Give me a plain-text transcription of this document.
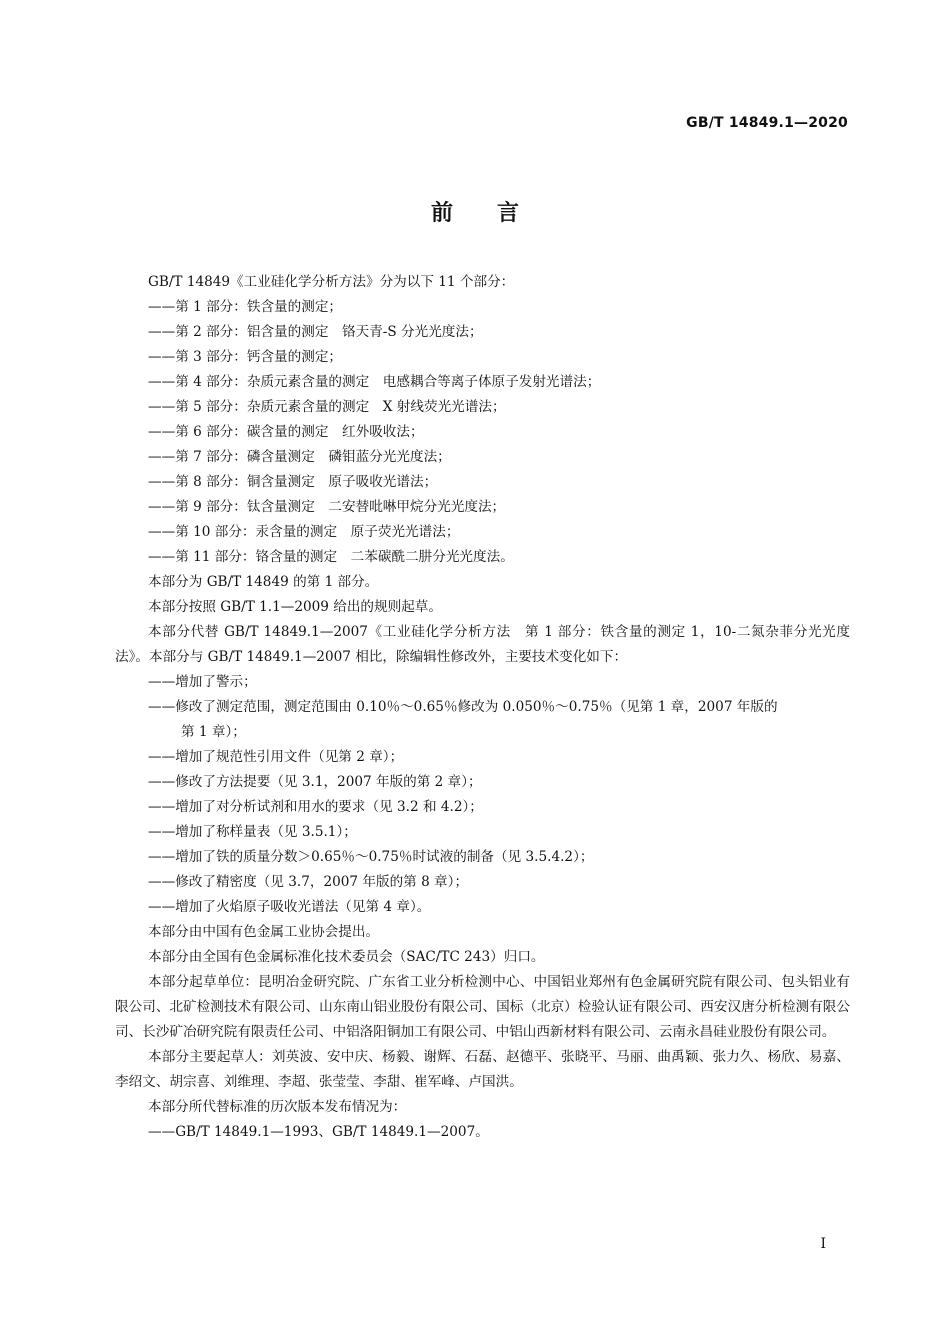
GB/T 14849.1—2020
前言

GB/T 14849《工业硅化学分析方法》分为以下 11 个部分：

——第 1 部分：铁含量的测定；

——第 2 部分：铝含量的测定　铬天青-S 分光光度法；

——第 3 部分：钙含量的测定；

——第 4 部分：杂质元素含量的测定　电感耦合等离子体原子发射光谱法；

——第 5 部分：杂质元素含量的测定　X 射线荧光光谱法；

——第 6 部分：碳含量的测定　红外吸收法；

——第 7 部分：磷含量测定　磷钼蓝分光光度法；

——第 8 部分：铜含量测定　原子吸收光谱法；

——第 9 部分：钛含量测定　二安替吡啉甲烷分光光度法；

——第 10 部分：汞含量的测定　原子荧光光谱法；

——第 11 部分：铬含量的测定　二苯碳酰二肼分光光度法。

本部分为 GB/T 14849 的第 1 部分。

本部分按照 GB/T 1.1—2009 给出的规则起草。

本部分代替 GB/T 14849.1—2007《工业硅化学分析方法　第 1 部分：铁含量的测定 1，10-二氮杂菲分光光度法》。本部分与 GB/T 14849.1—2007 相比，除编辑性修改外，主要技术变化如下：

——增加了警示；

——修改了测定范围，测定范围由 0.10％～0.65％修改为 0.050％～0.75％（见第 1 章，2007 年版的

第 1 章）；

——增加了规范性引用文件（见第 2 章）；

——修改了方法提要（见 3.1，2007 年版的第 2 章）；

——增加了对分析试剂和用水的要求（见 3.2 和 4.2）；

——增加了称样量表（见 3.5.1）；

——增加了铁的质量分数＞0.65％～0.75％时试液的制备（见 3.5.4.2）；

——修改了精密度（见 3.7，2007 年版的第 8 章）；

——增加了火焰原子吸收光谱法（见第 4 章）。

本部分由中国有色金属工业协会提出。

本部分由全国有色金属标准化技术委员会（SAC/TC 243）归口。

本部分起草单位：昆明冶金研究院、广东省工业分析检测中心、中国铝业郑州有色金属研究院有限公司、包头铝业有限公司、北矿检测技术有限公司、山东南山铝业股份有限公司、国标（北京）检验认证有限公司、西安汉唐分析检测有限公司、长沙矿冶研究院有限责任公司、中铝洛阳铜加工有限公司、中铝山西新材料有限公司、云南永昌硅业股份有限公司。

本部分主要起草人：刘英波、安中庆、杨毅、谢辉、石磊、赵德平、张晓平、马丽、曲禹颖、张力久、杨欣、易嘉、李绍文、胡宗喜、刘维理、李超、张莹莹、李甜、崔军峰、卢国洪。

本部分所代替标准的历次版本发布情况为：

——GB/T 14849.1—1993、GB/T 14849.1—2007。

I
